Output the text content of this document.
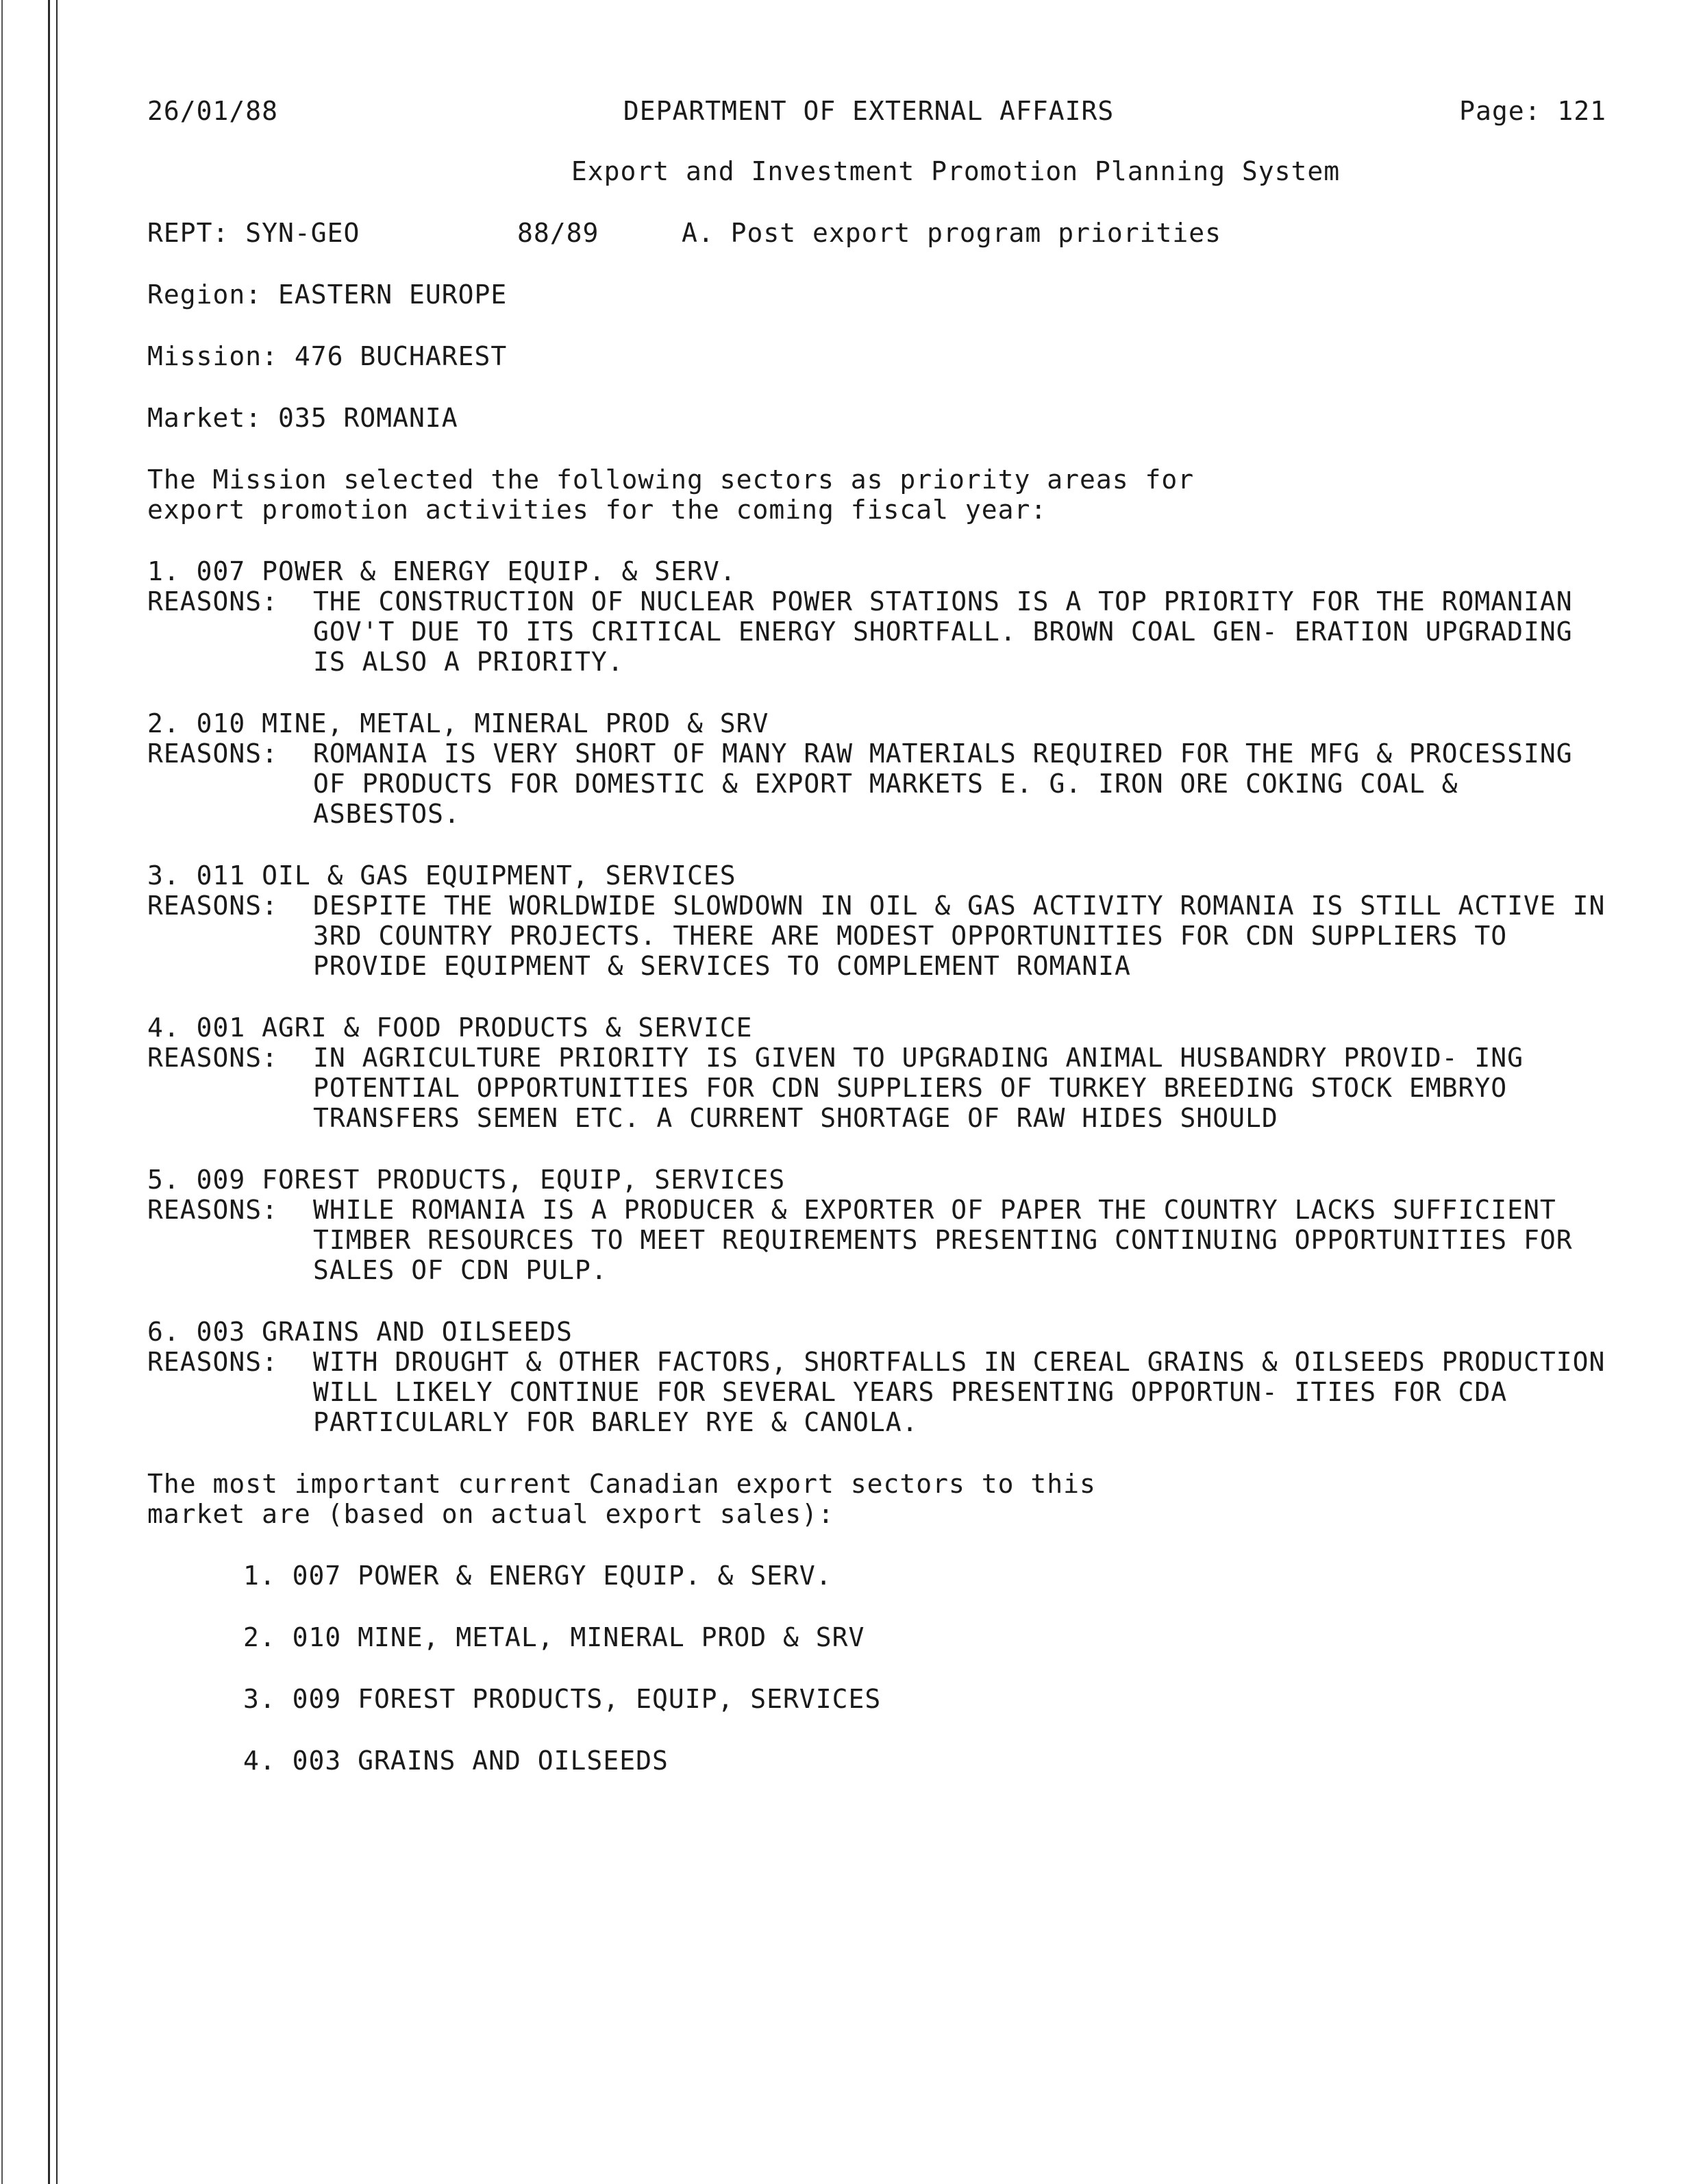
26/01/88	DEPARTMENT OF EXTERNAL AFFAIRS	Page: 121
Export and Investment Promotion Planning System
REPT: SYN-GEO	88/89	A. Post export program priorities
Region: EASTERN EUROPE
Mission: 476 BUCHAREST
Market: 035 ROMANIA
The Mission selected the following sectors as priority areas for
export promotion activities for the coming fiscal year:
1. 007 POWER & ENERGY EQUIP. & SERV.
REASONS:	THE CONSTRUCTION OF NUCLEAR POWER STATIONS IS A TOP PRIORITY FOR THE ROMANIAN GOV'T DUE TO ITS CRITICAL ENERGY SHORTFALL. BROWN COAL GEN- ERATION UPGRADING IS ALSO A PRIORITY.
2. 010 MINE, METAL, MINERAL PROD & SRV
REASONS:	ROMANIA IS VERY SHORT OF MANY RAW MATERIALS REQUIRED FOR THE MFG & PROCESSING OF PRODUCTS FOR DOMESTIC & EXPORT MARKETS E. G. IRON ORE COKING COAL & ASBESTOS.
3. 011 OIL & GAS EQUIPMENT, SERVICES
REASONS:	DESPITE THE WORLDWIDE SLOWDOWN IN OIL & GAS ACTIVITY ROMANIA IS STILL ACTIVE IN 3RD COUNTRY PROJECTS. THERE ARE MODEST OPPORTUNITIES FOR CDN SUPPLIERS TO PROVIDE EQUIPMENT & SERVICES TO COMPLEMENT ROMANIA
4. 001 AGRI & FOOD PRODUCTS & SERVICE
REASONS:	IN AGRICULTURE PRIORITY IS GIVEN TO UPGRADING ANIMAL HUSBANDRY PROVID- ING POTENTIAL OPPORTUNITIES FOR CDN SUPPLIERS OF TURKEY BREEDING STOCK EMBRYO TRANSFERS SEMEN ETC. A CURRENT SHORTAGE OF RAW HIDES SHOULD
5. 009 FOREST PRODUCTS, EQUIP, SERVICES
REASONS:	WHILE ROMANIA IS A PRODUCER & EXPORTER OF PAPER THE COUNTRY LACKS SUFFICIENT TIMBER RESOURCES TO MEET REQUIREMENTS PRESENTING CONTINUING OPPORTUNITIES FOR SALES OF CDN PULP.
6. 003 GRAINS AND OILSEEDS
REASONS:	WITH DROUGHT & OTHER FACTORS, SHORTFALLS IN CEREAL GRAINS & OILSEEDS PRODUCTION WILL LIKELY CONTINUE FOR SEVERAL YEARS PRESENTING OPPORTUN- ITIES FOR CDA PARTICULARLY FOR BARLEY RYE & CANOLA.
The most important current Canadian export sectors to this
market are (based on actual export sales):
1. 007 POWER & ENERGY EQUIP. & SERV.
2. 010 MINE, METAL, MINERAL PROD & SRV
3. 009 FOREST PRODUCTS, EQUIP, SERVICES
4. 003 GRAINS AND OILSEEDS
